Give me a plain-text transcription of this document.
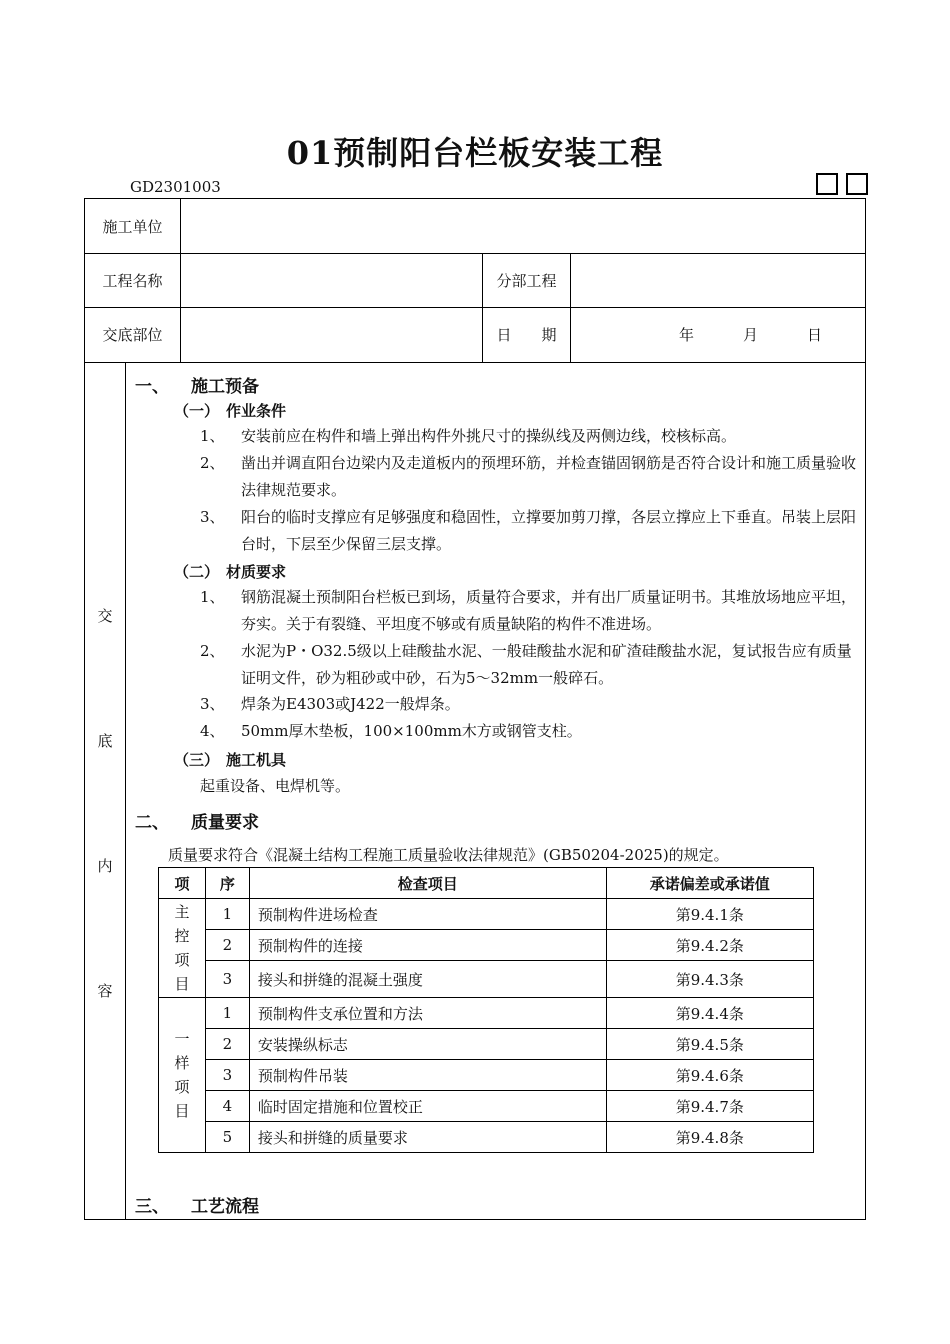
01预制阳台栏板安装工程
GD2301003
施工单位
工程名称	分部工程
交底部位	日　　期	年	月	日
交
底
内
容
一、 施工预备
（一） 作业条件
1、 安装前应在构件和墙上弹出构件外挑尺寸的操纵线及两侧边线，校核标高。
2、 凿出并调直阳台边梁内及走道板内的预埋环筋，并检查锚固钢筋是否符合设计和施工质量验收法律规范要求。
3、 阳台的临时支撑应有足够强度和稳固性，立撑要加剪刀撑，各层立撑应上下垂直。吊装上层阳台时，下层至少保留三层支撑。
（二） 材质要求
1、 钢筋混凝土预制阳台栏板已到场，质量符合要求，并有出厂质量证明书。其堆放场地应平坦，夯实。关于有裂缝、平坦度不够或有质量缺陷的构件不准进场。
2、 水泥为P・O32.5级以上硅酸盐水泥、一般硅酸盐水泥和矿渣硅酸盐水泥，复试报告应有质量证明文件，砂为粗砂或中砂，石为5～32mm一般碎石。
3、 焊条为E4303或J422一般焊条。
4、 50mm厚木垫板，100×100mm木方或钢管支柱。
（三） 施工机具
起重设备、电焊机等。
二、 质量要求
质量要求符合《混凝土结构工程施工质量验收法律规范》(GB50204-2025)的规定。
项	序	检查项目	承诺偏差或承诺值

主
控
项
目	1	预制构件进场检查	第9.4.1条
	2	预制构件的连接	第9.4.2条
	3	接头和拼缝的混凝土强度	第9.4.3条

一
样
项
目	1	预制构件支承位置和方法	第9.4.4条
	2	安装操纵标志	第9.4.5条
	3	预制构件吊装	第9.4.6条
	4	临时固定措施和位置校正	第9.4.7条
	5	接头和拼缝的质量要求	第9.4.8条
三、 工艺流程
